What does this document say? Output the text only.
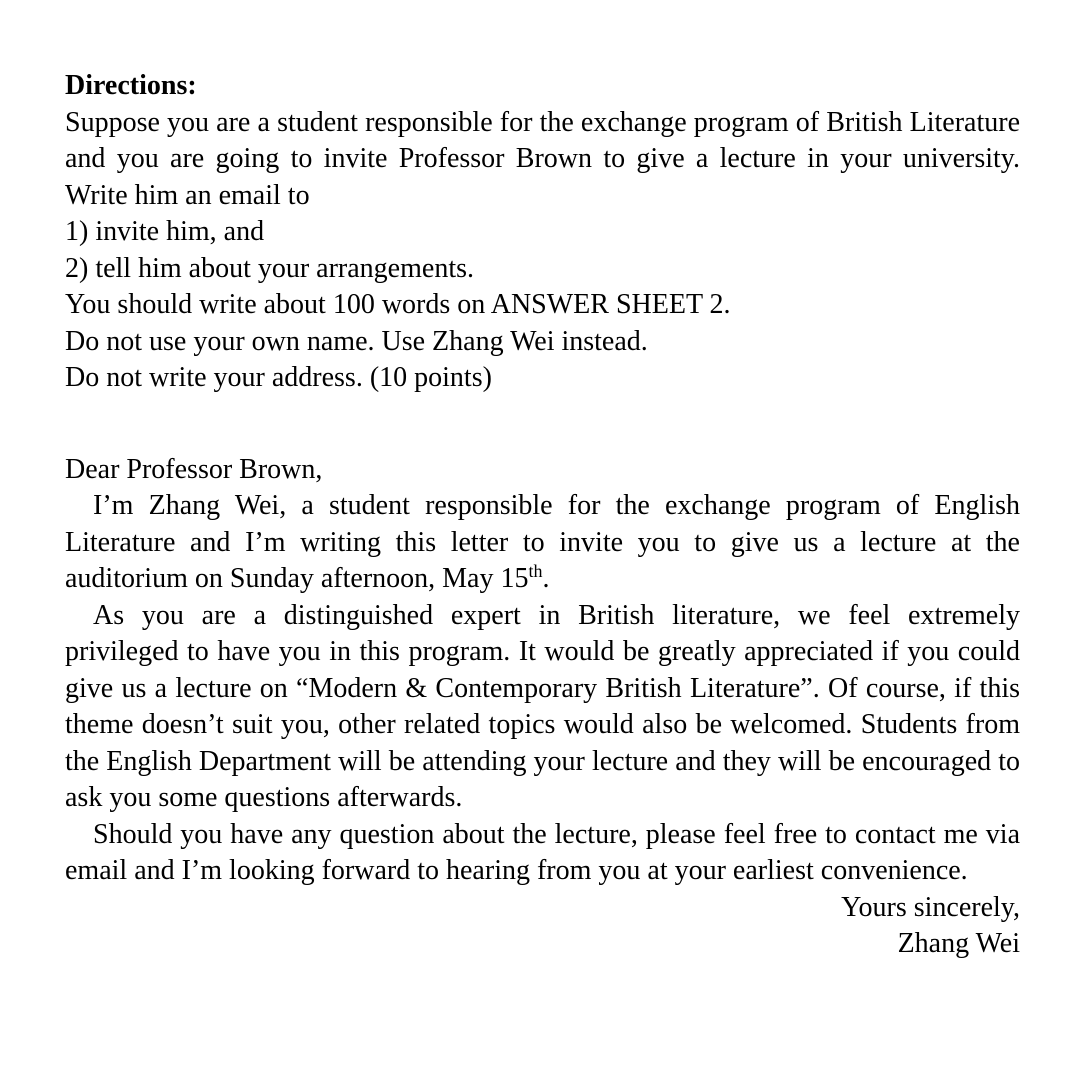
Directions:

Suppose you are a student responsible for the exchange program of British Literature and you are going to invite Professor Brown to give a lecture in your university. Write him an email to

1) invite him, and

2) tell him about your arrangements.

You should write about 100 words on ANSWER SHEET 2.

Do not use your own name. Use Zhang Wei instead.

Do not write your address. (10 points)

Dear Professor Brown,

I’m Zhang Wei, a student responsible for the exchange program of English Literature and I’m writing this letter to invite you to give us a lecture at the auditorium on Sunday afternoon, May 15th.

As you are a distinguished expert in British literature, we feel extremely privileged to have you in this program. It would be greatly appreciated if you could give us a lecture on “Modern & Contemporary British Literature”. Of course, if this theme doesn’t suit you, other related topics would also be welcomed. Students from the English Department will be attending your lecture and they will be encouraged to ask you some questions afterwards.

Should you have any question about the lecture, please feel free to contact me via email and I’m looking forward to hearing from you at your earliest convenience.

Yours sincerely,

Zhang Wei
